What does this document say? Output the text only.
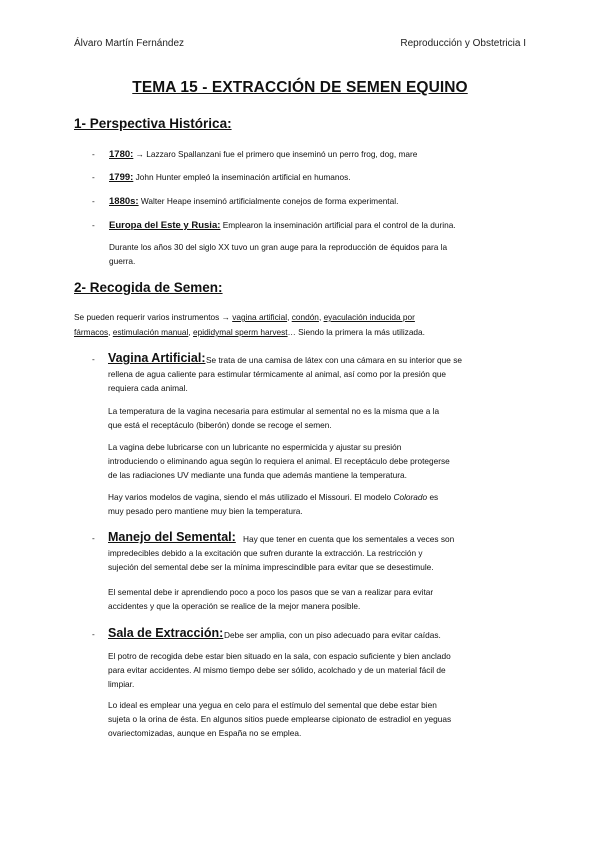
Álvaro Martín Fernández	Reproducción y Obstetricia I
TEMA 15 - EXTRACCIÓN DE SEMEN EQUINO
1- Perspectiva Histórica:
- 1780: → Lazzaro Spallanzani fue el primero que inseminó un perro frog, dog, mare
- 1799: John Hunter empleó la inseminación artificial en humanos.
- 1880s: Walter Heape inseminó artificialmente conejos de forma experimental.
- Europa del Este y Rusia: Emplearon la inseminación artificial para el control de la durina.
Durante los años 30 del siglo XX tuvo un gran auge para la reproducción de équidos para la
guerra.
2- Recogida de Semen:
Se pueden requerir varios instrumentos → vagina artificial, condón, eyaculación inducida por
fármacos, estimulación manual, epididymal sperm harvest… Siendo la primera la más utilizada.
- Vagina Artificial: Se trata de una camisa de látex con una cámara en su interior que se
rellena de agua caliente para estimular térmicamente al animal, así como por la presión que
requiera cada animal.
La temperatura de la vagina necesaria para estimular al semental no es la misma que a la
que está el receptáculo (biberón) donde se recoge el semen.
La vagina debe lubricarse con un lubricante no espermicida y ajustar su presión
introduciendo o eliminando agua según lo requiera el animal. El receptáculo debe protegerse
de las radiaciones UV mediante una funda que además mantiene la temperatura.
Hay varios modelos de vagina, siendo el más utilizado el Missouri. El modelo Colorado es
muy pesado pero mantiene muy bien la temperatura.
- Manejo del Semental: Hay que tener en cuenta que los sementales a veces son
impredecibles debido a la excitación que sufren durante la extracción. La restricción y
sujeción del semental debe ser la mínima imprescindible para evitar que se desestimule.
El semental debe ir aprendiendo poco a poco los pasos que se van a realizar para evitar
accidentes y que la operación se realice de la mejor manera posible.
- Sala de Extracción: Debe ser amplia, con un piso adecuado para evitar caídas.
El potro de recogida debe estar bien situado en la sala, con espacio suficiente y bien anclado
para evitar accidentes. Al mismo tiempo debe ser sólido, acolchado y de un material fácil de
limpiar.
Lo ideal es emplear una yegua en celo para el estímulo del semental que debe estar bien
sujeta o la orina de ésta. En algunos sitios puede emplearse cipionato de estradiol en yeguas
ovariectomizadas, aunque en España no se emplea.
